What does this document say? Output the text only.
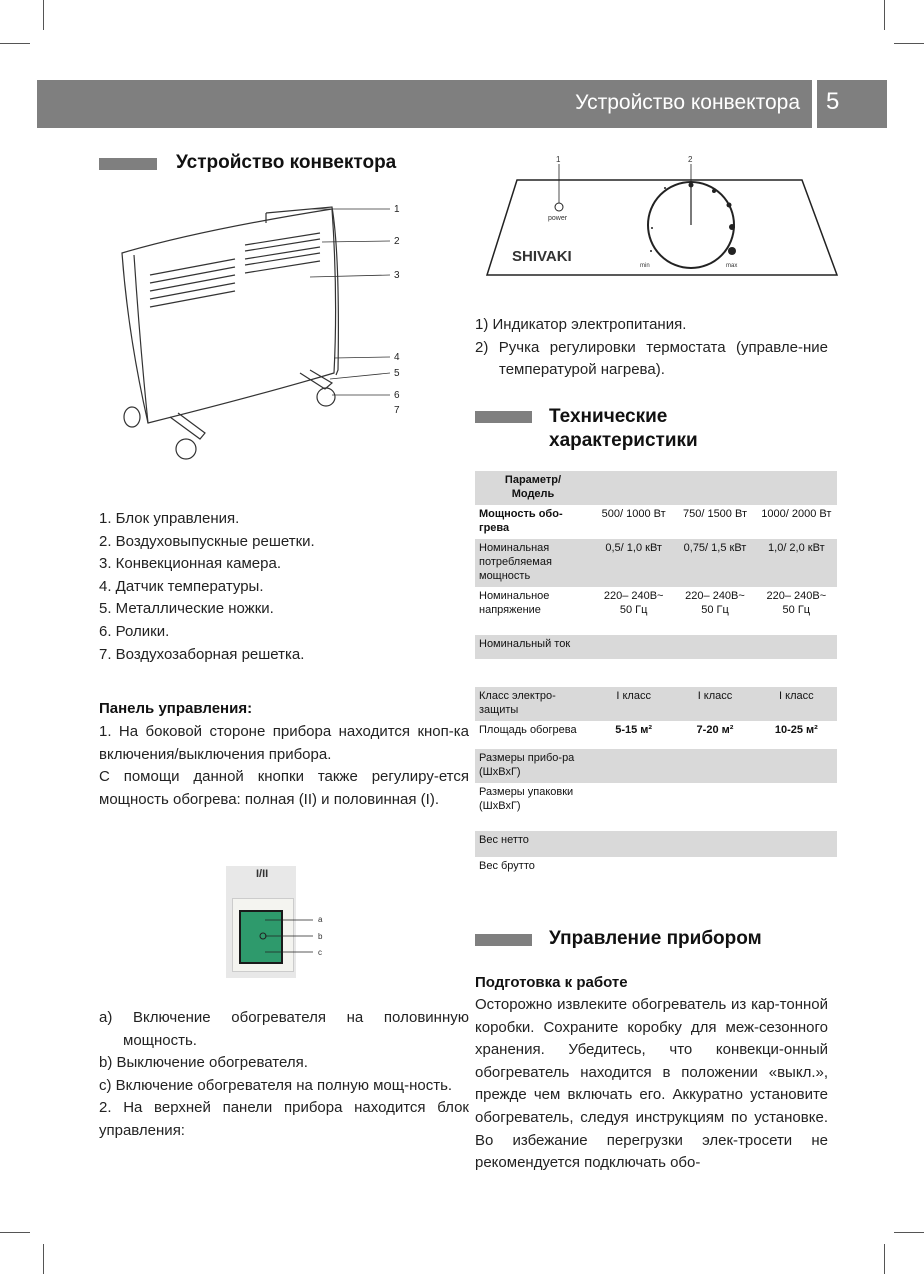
Устройство конвектора 5
Устройство конвектора
1
2
3
4
5
6
7
1. Блок управления.
2. Воздуховыпускные решетки.
3. Конвекционная камера.
4. Датчик температуры.
5. Металлические ножки.
6. Ролики.
7. Воздухозаборная решетка.
Панель управления:
1. На боковой стороне прибора находится кноп-ка включения/выключения прибора.
С помощи данной кнопки также регулиру-ется мощность обогрева: полная (II) и половинная (I).
I/II
a
b
c
a) Включение обогревателя на половинную мощность.
b) Выключение обогревателя.
c) Включение обогревателя на полную мощ-ность.
2. На верхней панели прибора находится блок управления:
1
power
SHIVAKI
2
min	max
1) Индикатор электропитания.
2) Ручка регулировки термостата (управле-ние температурой нагрева).
Технические
характеристики
Параметр/ Модель			

Мощность обо-грева	500/ 1000 Вт	750/ 1500 Вт	1000/ 2000 Вт
Номинальная потребляемая мощность	0,5/ 1,0 кВт	0,75/ 1,5 кВт	1,0/ 2,0 кВт
Номинальное напряжение	220– 240В~ 50 Гц	220– 240В~ 50 Гц	220– 240В~ 50 Гц
Номинальный ток			

Класс электро-защиты	I класс	I класс	I класс
Площадь обогрева	5-15 м²	7-20 м²	10-25 м²
Размеры прибо-ра (ШхВхГ)			
Размеры упаковки (ШхВхГ)			
Вес нетто			
Вес брутто			
Управление прибором
Подготовка к работе
Осторожно извлеките обогреватель из кар-тонной коробки. Сохраните коробку для меж-сезонного хранения. Убедитесь, что конвекци-онный обогреватель находится в положении «выкл.», прежде чем включать его. Аккуратно установите обогреватель, следуя инструкциям по установке. Во избежание перегрузки элек-тросети не рекомендуется подключать обо-
